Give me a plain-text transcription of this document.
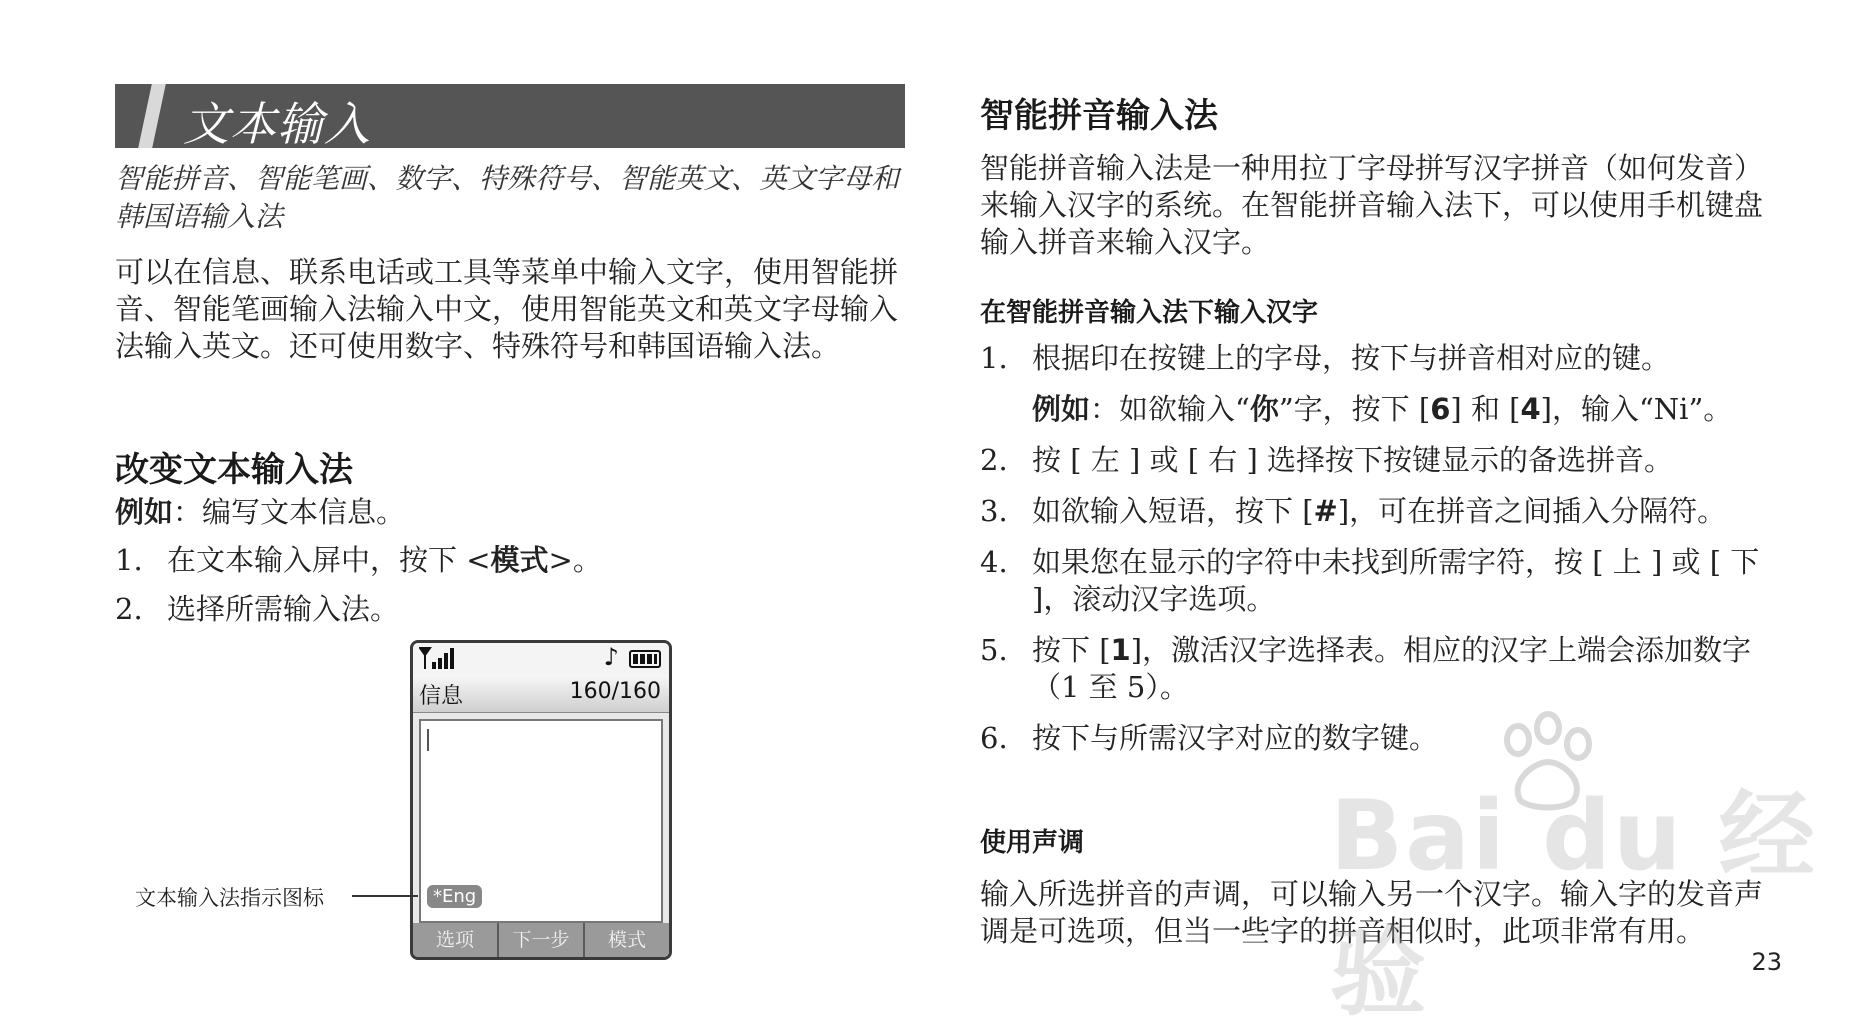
文本输入
智能拼音、智能笔画、数字、特殊符号、智能英文、英文字母和韩国语输入法
可以在信息、联系电话或工具等菜单中输入文字，使用智能拼音、智能笔画输入法输入中文，使用智能英文和英文字母输入法输入英文。还可使用数字、特殊符号和韩国语输入法。
改变文本输入法
例如：编写文本信息。
1. 在文本输入屏中，按下 <模式>。
2. 选择所需输入法。
♪
信息	160/160
*Eng
选项	下一步	模式
文本输入法指示图标
智能拼音输入法
智能拼音输入法是一种用拉丁字母拼写汉字拼音（如何发音）来输入汉字的系统。在智能拼音输入法下，可以使用手机键盘输入拼音来输入汉字。
在智能拼音输入法下输入汉字
1. 根据印在按键上的字母，按下与拼音相对应的键。
例如：如欲输入“你”字，按下 [6] 和 [4]，输入“Ni”。
2. 按 [ 左 ] 或 [ 右 ] 选择按下按键显示的备选拼音。
3. 如欲输入短语，按下 [#]，可在拼音之间插入分隔符。
4. 如果您在显示的字符中未找到所需字符，按 [ 上 ] 或 [ 下 ]，滚动汉字选项。
5. 按下 [1]，激活汉字选择表。相应的汉字上端会添加数字（1 至 5）。
6. 按下与所需汉字对应的数字键。
使用声调
输入所选拼音的声调，可以输入另一个汉字。输入字的发音声调是可选项，但当一些字的拼音相似时，此项非常有用。
Bai du 经验	23
